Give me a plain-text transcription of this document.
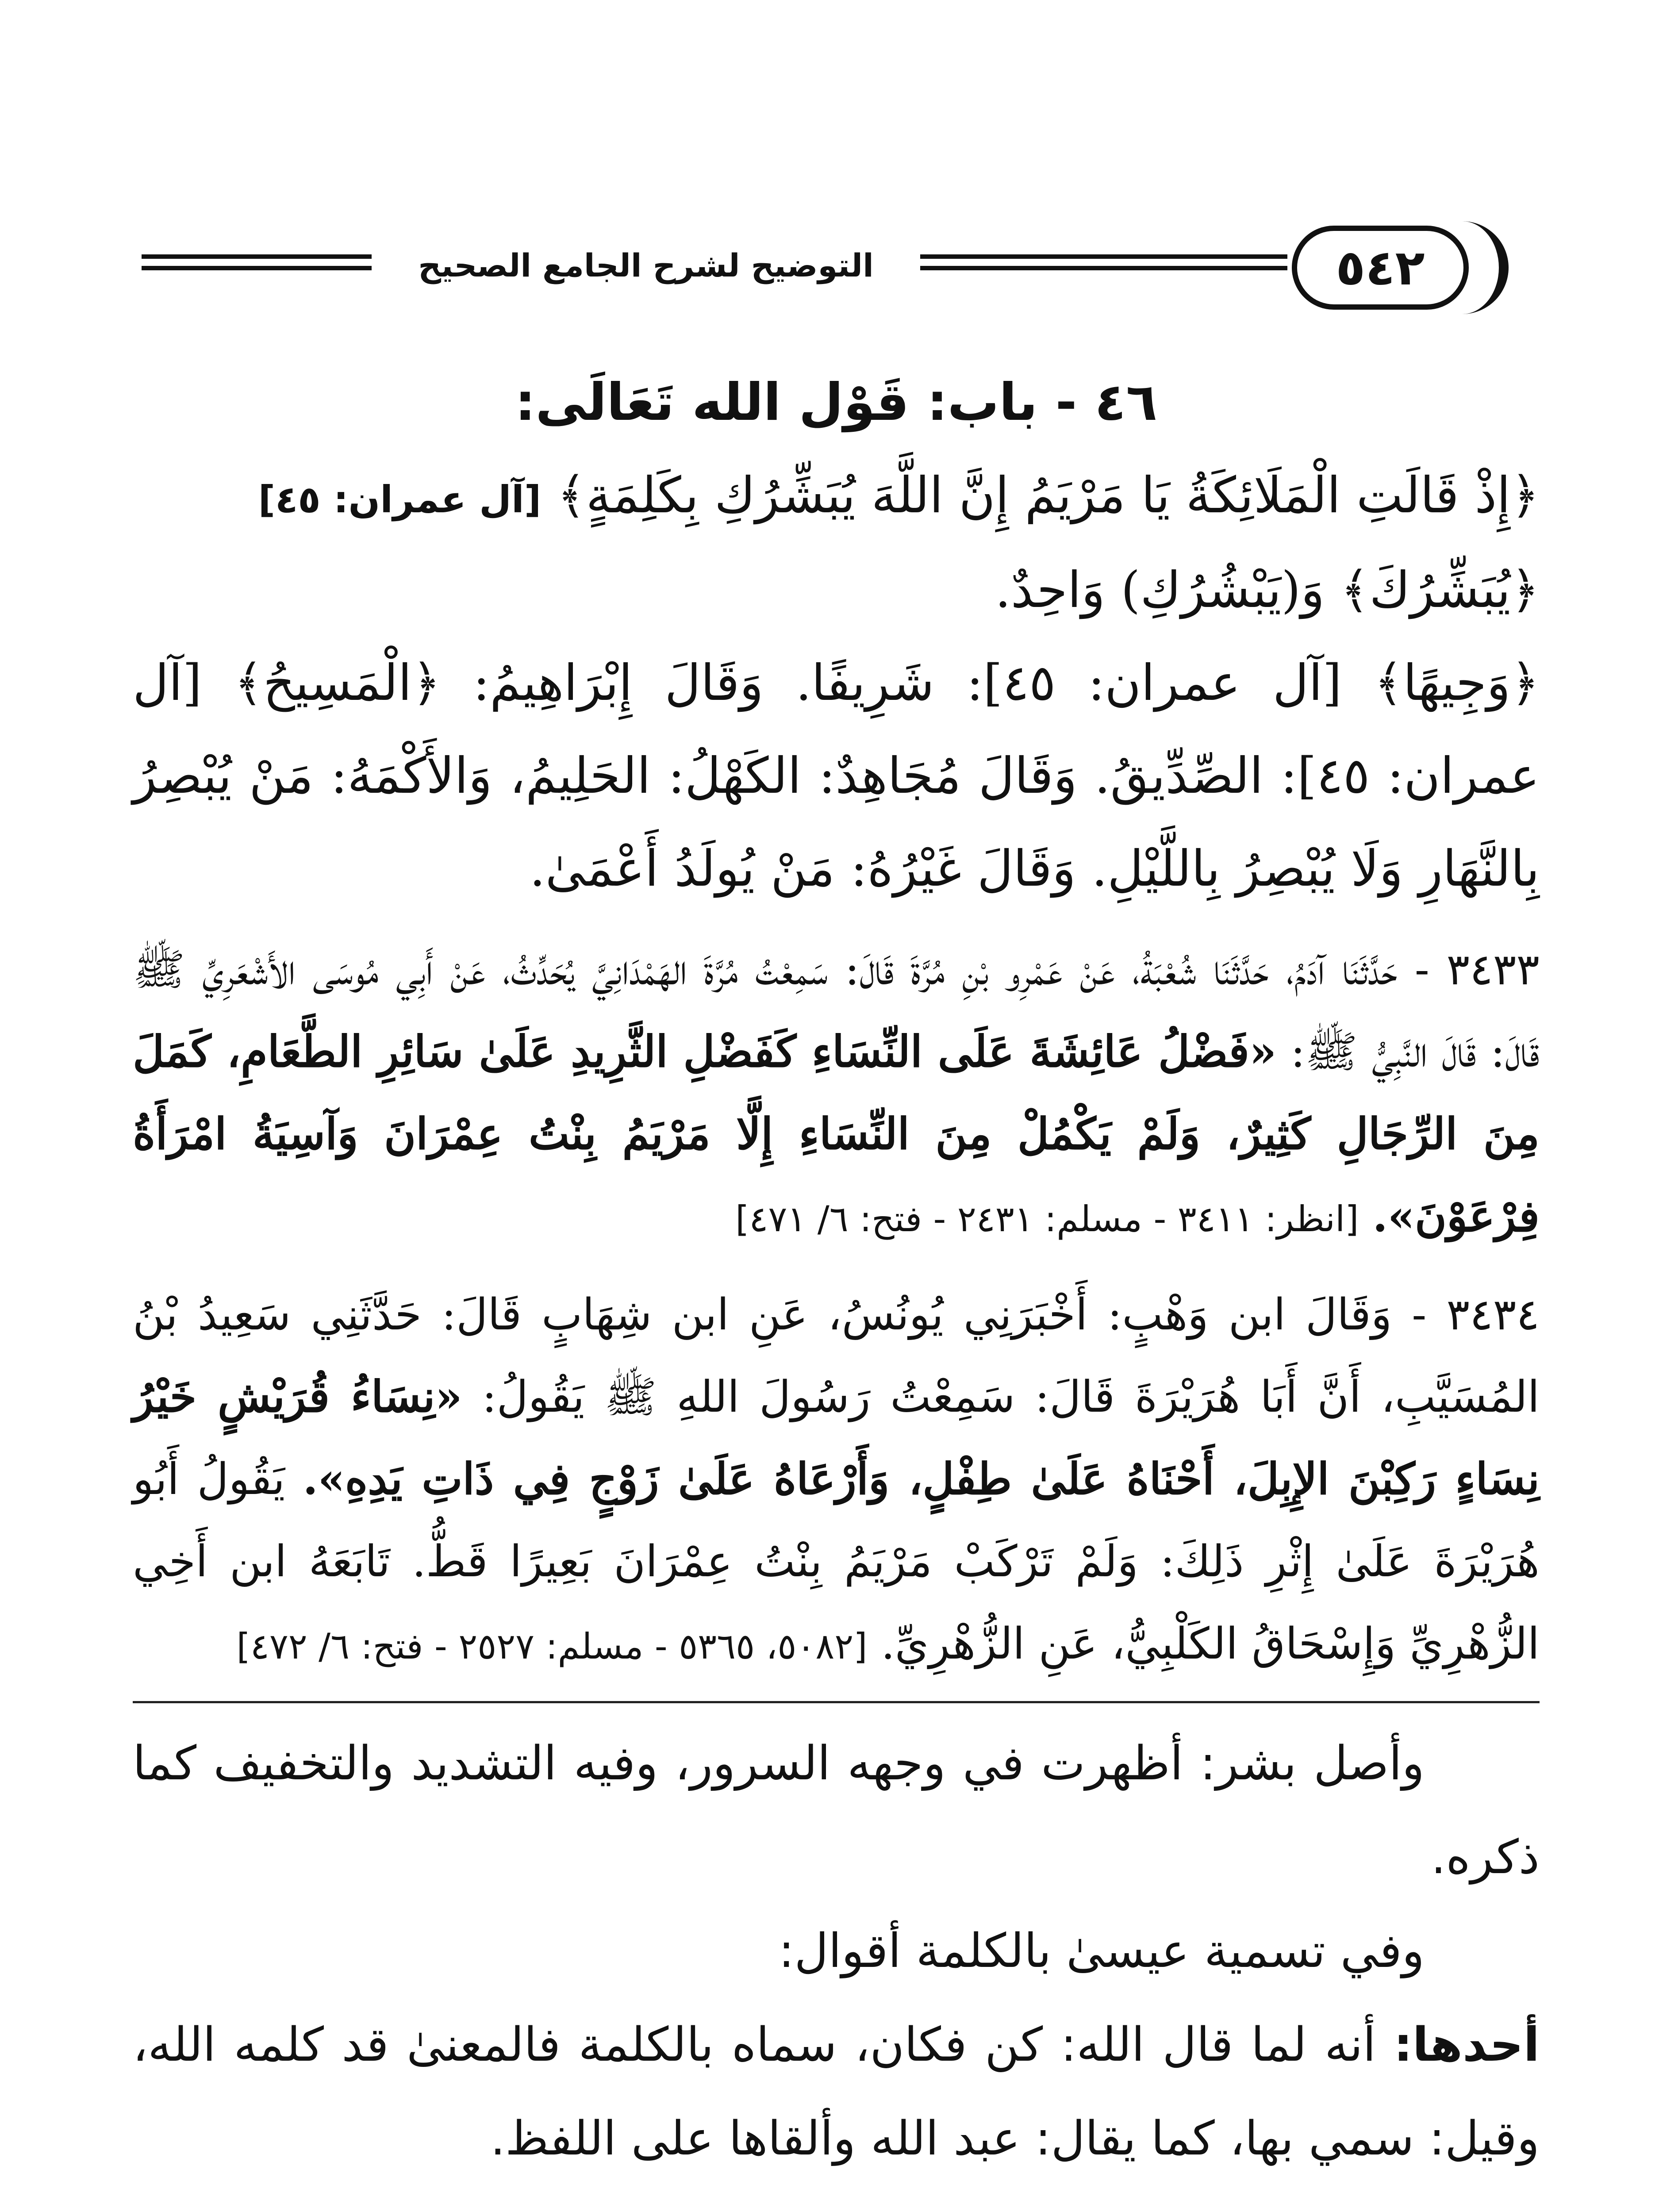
التوضيح لشرح الجامع الصحيح	٥٤٢
٤٦ - باب: قَوْل الله تَعَالَى:

﴿إِذْ قَالَتِ الْمَلَائِكَةُ يَا مَرْيَمُ إِنَّ اللَّهَ يُبَشِّرُكِ بِكَلِمَةٍ﴾ [آل عمران: ٤٥]

﴿يُبَشِّرُكَ﴾ وَ(يَبْشُرُكِ) وَاحِدٌ.

﴿وَجِيهًا﴾ [آل عمران: ٤٥]: شَرِيفًا. وَقَالَ إِبْرَاهِيمُ: ﴿الْمَسِيحُ﴾ [آل عمران: ٤٥]: الصِّدِّيقُ. وَقَالَ مُجَاهِدٌ: الكَهْلُ: الحَلِيمُ، وَالأَكْمَهُ: مَنْ يُبْصِرُ بِالنَّهَارِ وَلَا يُبْصِرُ بِاللَّيْلِ. وَقَالَ غَيْرُهُ: مَنْ يُولَدُ أَعْمَىٰ.

٣٤٣٣ - حَدَّثَنَا آدَمُ، حَدَّثَنَا شُعْبَةُ، عَنْ عَمْرِو بْنِ مُرَّةَ قَالَ: سَمِعْتُ مُرَّةَ الهَمْدَانِيَّ يُحَدِّثُ، عَنْ أَبِي مُوسَى الأَشْعَرِيِّ ﷺ قَالَ: قَالَ النَّبِيُّ ﷺ: «فَضْلُ عَائِشَةَ عَلَى النِّسَاءِ كَفَضْلِ الثَّرِيدِ عَلَىٰ سَائِرِ الطَّعَامِ، كَمَلَ مِنَ الرِّجَالِ كَثِيرٌ، وَلَمْ يَكْمُلْ مِنَ النِّسَاءِ إِلَّا مَرْيَمُ بِنْتُ عِمْرَانَ وَآسِيَةُ امْرَأَةُ فِرْعَوْنَ». [انظر: ٣٤١١ - مسلم: ٢٤٣١ - فتح: ٦/ ٤٧١]

٣٤٣٤ - وَقَالَ ابن وَهْبٍ: أَخْبَرَنِي يُونُسُ، عَنِ ابن شِهَابٍ قَالَ: حَدَّثَنِي سَعِيدُ بْنُ المُسَيَّبِ، أَنَّ أَبَا هُرَيْرَةَ قَالَ: سَمِعْتُ رَسُولَ اللهِ ﷺ يَقُولُ: «نِسَاءُ قُرَيْشٍ خَيْرُ نِسَاءٍ رَكِبْنَ الإِبِلَ، أَحْنَاهُ عَلَىٰ طِفْلٍ، وَأَرْعَاهُ عَلَىٰ زَوْجٍ فِي ذَاتِ يَدِهِ». يَقُولُ أَبُو هُرَيْرَةَ عَلَىٰ إِثْرِ ذَلِكَ: وَلَمْ تَرْكَبْ مَرْيَمُ بِنْتُ عِمْرَانَ بَعِيرًا قَطُّ. تَابَعَهُ ابن أَخِي الزُّهْرِيِّ وَإِسْحَاقُ الكَلْبِيُّ، عَنِ الزُّهْرِيِّ. [٥٠٨٢، ٥٣٦٥ - مسلم: ٢٥٢٧ - فتح: ٦/ ٤٧٢]

وأصل بشر: أظهرت في وجهه السرور، وفيه التشديد والتخفيف كما ذكره.

وفي تسمية عيسىٰ بالكلمة أقوال:

أحدها: أنه لما قال الله: كن فكان، سماه بالكلمة فالمعنىٰ قد كلمه الله، وقيل: سمي بها، كما يقال: عبد الله وألقاها على اللفظ.
